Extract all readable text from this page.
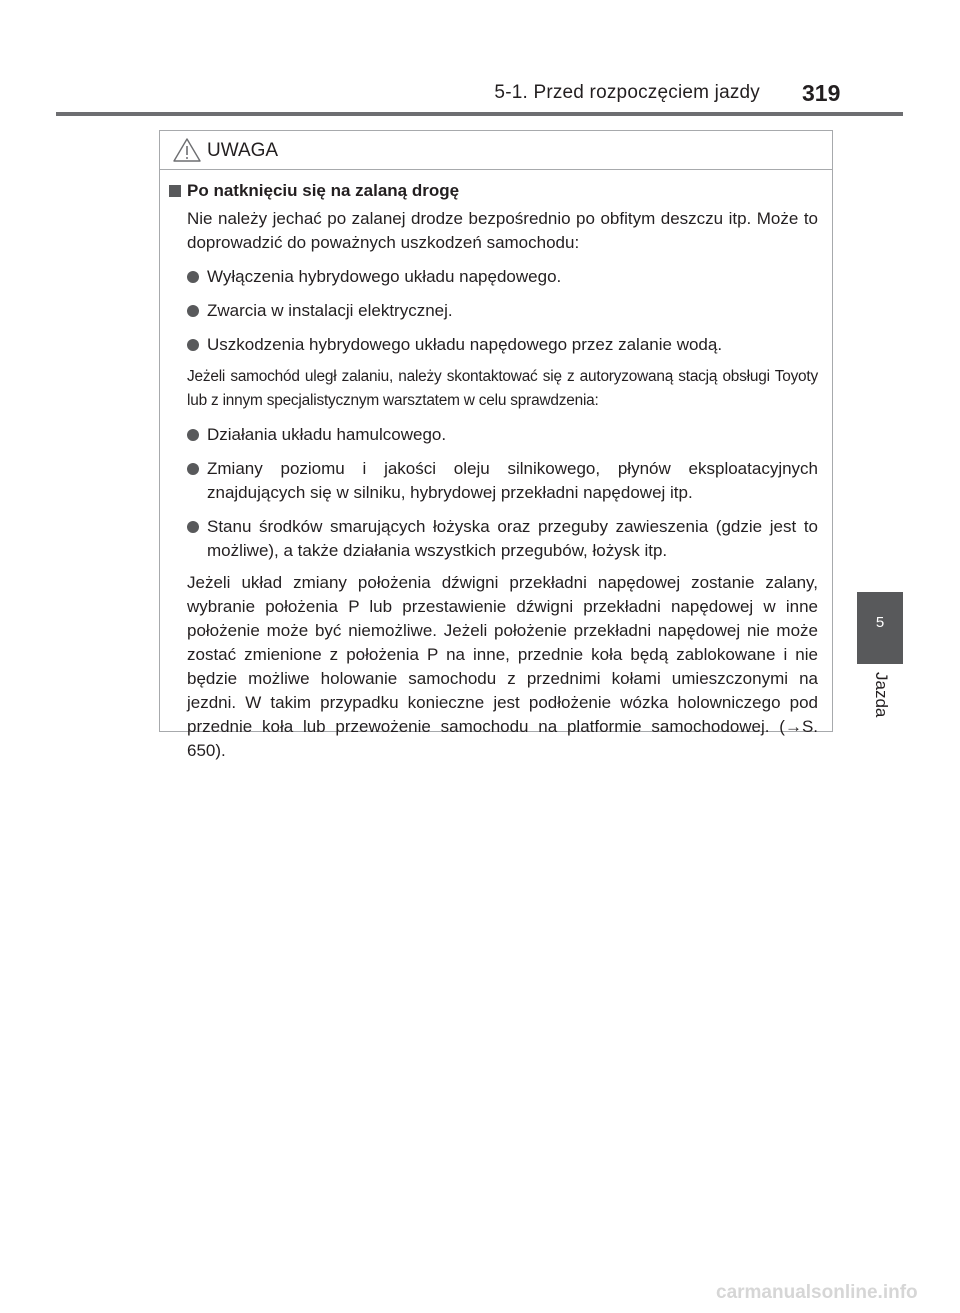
5-1. Przed rozpoczęciem jazdy 319
5
Jazda
UWAGA
Po natknięciu się na zalaną drogę

Nie należy jechać po zalanej drodze bezpośrednio po obfitym deszczu itp. Może to doprowadzić do poważnych uszkodzeń samochodu:

Wyłączenia hybrydowego układu napędowego.
Zwarcia w instalacji elektrycznej.
Uszkodzenia hybrydowego układu napędowego przez zalanie wodą.

Jeżeli samochód uległ zalaniu, należy skontaktować się z autoryzowaną stacją obsługi Toyoty lub z innym specjalistycznym warsztatem w celu sprawdzenia:

Działania układu hamulcowego.
Zmiany poziomu i jakości oleju silnikowego, płynów eksploatacyjnych znajdujących się w silniku, hybrydowej przekładni napędowej itp.
Stanu środków smarujących łożyska oraz przeguby zawieszenia (gdzie jest to możliwe), a także działania wszystkich przegubów, łożysk itp.

Jeżeli układ zmiany położenia dźwigni przekładni napędowej zostanie zalany, wybranie położenia P lub przestawienie dźwigni przekładni napędowej w inne położenie może być niemożliwe. Jeżeli położenie przekładni napędowej nie może zostać zmienione z położenia P na inne, przednie koła będą zablokowane i nie będzie możliwe holowanie samochodu z przednimi kołami umieszczonymi na jezdni. W takim przypadku konieczne jest podłożenie wózka holowniczego pod przednie koła lub przewożenie samochodu na platformie samochodowej. (→S. 650).

carmanualsonline.info
